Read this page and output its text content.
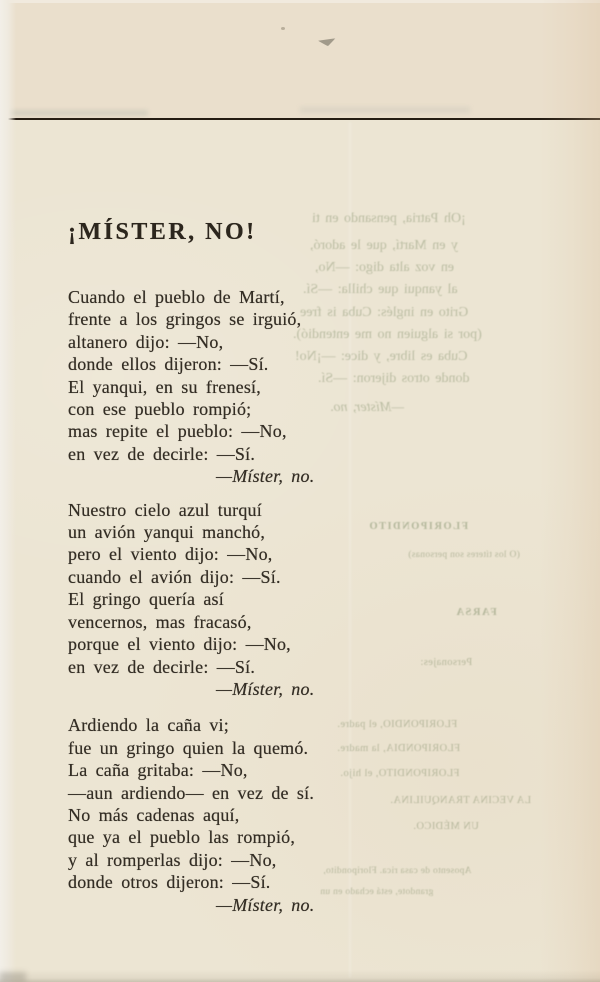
¡Oh Patria, pensando en ti
y en Martí, que le adoró,
en voz alta digo: —No,
al yanqui que chilla: —Sí.
Grito en inglés: Cuba is free
(por si alguien no me entendió).
Cuba es libre, y dice: —¡No!
donde otros dijeron: —Sí.
—Míster, no.
FLORIPONDITO
(O los títeres son personas)
FARSA
Personajes:
FLORIPONDIO, el padre.
FLORIPONDIA, la madre.
FLORIPONDITO, el hijo.
LA VECINA TRANQUILINA.
UN MÉDICO.
Aposento de casa rica. Floripondito,
grandote, está echado en un
¡MÍSTER, NO!
Cuando el pueblo de Martí,
frente a los gringos se irguió,
altanero dijo: —No,
donde ellos dijeron: —Sí.
El yanqui, en su frenesí,
con ese pueblo rompió;
mas repite el pueblo: —No,
en vez de decirle: —Sí.
—Míster, no.
Nuestro cielo azul turquí
un avión yanqui manchó,
pero el viento dijo: —No,
cuando el avión dijo: —Sí.
El gringo quería así
vencernos, mas fracasó,
porque el viento dijo: —No,
en vez de decirle: —Sí.
—Míster, no.
Ardiendo la caña vi;
fue un gringo quien la quemó.
La caña gritaba: —No,
—aun ardiendo— en vez de sí.
No más cadenas aquí,
que ya el pueblo las rompió,
y al romperlas dijo: —No,
donde otros dijeron: —Sí.
—Míster, no.
